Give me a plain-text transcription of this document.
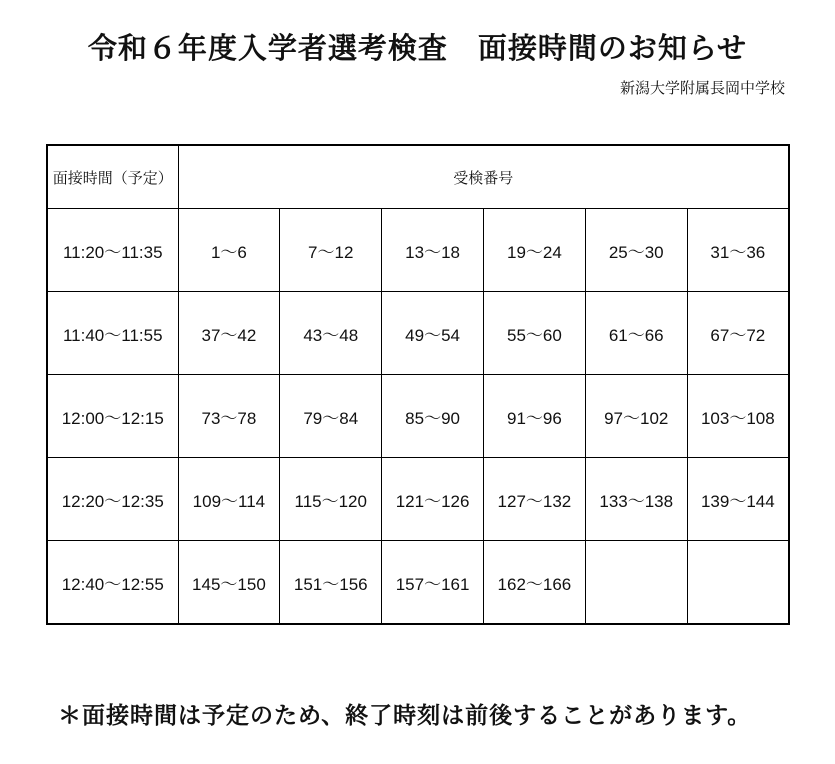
令和６年度入学者選考検査　面接時間のお知らせ
新潟大学附属長岡中学校
面接時間（予定）	受検番号					
11:20～11:35	1～6	7～12	13～18	19～24	25～30	31～36
11:40～11:55	37～42	43～48	49～54	55～60	61～66	67～72
12:00～12:15	73～78	79～84	85～90	91～96	97～102	103～108
12:20～12:35	109～114	115～120	121～126	127～132	133～138	139～144
12:40～12:55	145～150	151～156	157～161	162～166		
＊面接時間は予定のため、終了時刻は前後することがあります。
